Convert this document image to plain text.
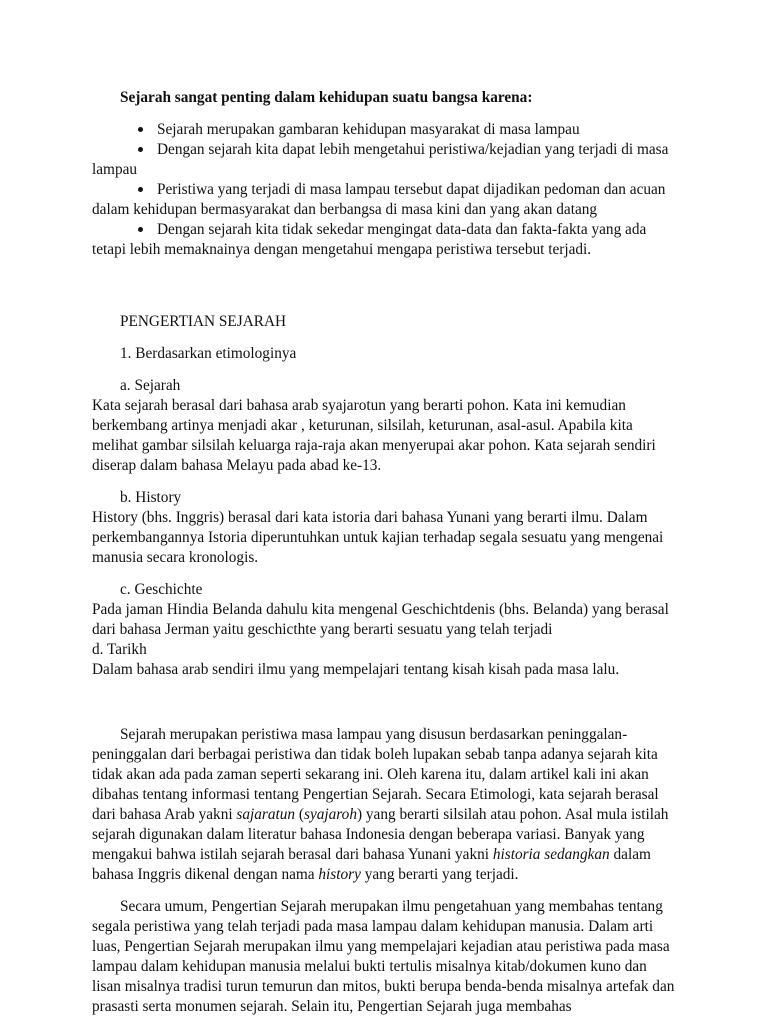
Sejarah sangat penting dalam kehidupan suatu bangsa karena:

Sejarah merupakan gambaran kehidupan masyarakat di masa lampau
Dengan sejarah kita dapat lebih mengetahui peristiwa/kejadian yang terjadi di masa lampau
Peristiwa yang terjadi di masa lampau tersebut dapat dijadikan pedoman dan acuan dalam kehidupan bermasyarakat dan berbangsa di masa kini dan yang akan datang
Dengan sejarah kita tidak sekedar mengingat data-data dan fakta-fakta yang ada tetapi lebih memaknainya dengan mengetahui mengapa peristiwa tersebut terjadi.

PENGERTIAN SEJARAH

1. Berdasarkan etimologinya

a. Sejarah

Kata sejarah berasal dari bahasa arab syajarotun yang berarti pohon. Kata ini kemudian berkembang artinya menjadi akar , keturunan, silsilah, keturunan, asal-asul. Apabila kita melihat gambar silsilah keluarga raja-raja akan menyerupai akar pohon. Kata sejarah sendiri diserap dalam bahasa Melayu pada abad ke-13.

b. History

History (bhs. Inggris) berasal dari kata istoria dari bahasa Yunani yang berarti ilmu. Dalam perkembangannya Istoria diperuntuhkan untuk kajian terhadap segala sesuatu yang mengenai manusia secara kronologis.

c. Geschichte

Pada jaman Hindia Belanda dahulu kita mengenal Geschichtdenis (bhs. Belanda) yang berasal dari bahasa Jerman yaitu geschicthte yang berarti sesuatu yang telah terjadi

d. Tarikh

Dalam bahasa arab sendiri ilmu yang mempelajari tentang kisah kisah pada masa lalu.

Sejarah merupakan peristiwa masa lampau yang disusun berdasarkan peninggalan-peninggalan dari berbagai peristiwa dan tidak boleh lupakan sebab tanpa adanya sejarah kita tidak akan ada pada zaman seperti sekarang ini. Oleh karena itu, dalam artikel kali ini akan dibahas tentang informasi tentang Pengertian Sejarah. Secara Etimologi, kata sejarah berasal dari bahasa Arab yakni sajaratun (syajaroh) yang berarti silsilah atau pohon. Asal mula istilah sejarah digunakan dalam literatur bahasa Indonesia dengan beberapa variasi. Banyak yang mengakui bahwa istilah sejarah berasal dari bahasa Yunani yakni historia sedangkan dalam bahasa Inggris dikenal dengan nama history yang berarti yang terjadi.

Secara umum, Pengertian Sejarah merupakan ilmu pengetahuan yang membahas tentang segala peristiwa yang telah terjadi pada masa lampau dalam kehidupan manusia. Dalam arti luas, Pengertian Sejarah merupakan ilmu yang mempelajari kejadian atau peristiwa pada masa lampau dalam kehidupan manusia melalui bukti tertulis misalnya kitab/dokumen kuno dan lisan misalnya tradisi turun temurun dan mitos, bukti berupa benda-benda misalnya artefak dan prasasti serta monumen sejarah. Selain itu, Pengertian Sejarah juga membahas
